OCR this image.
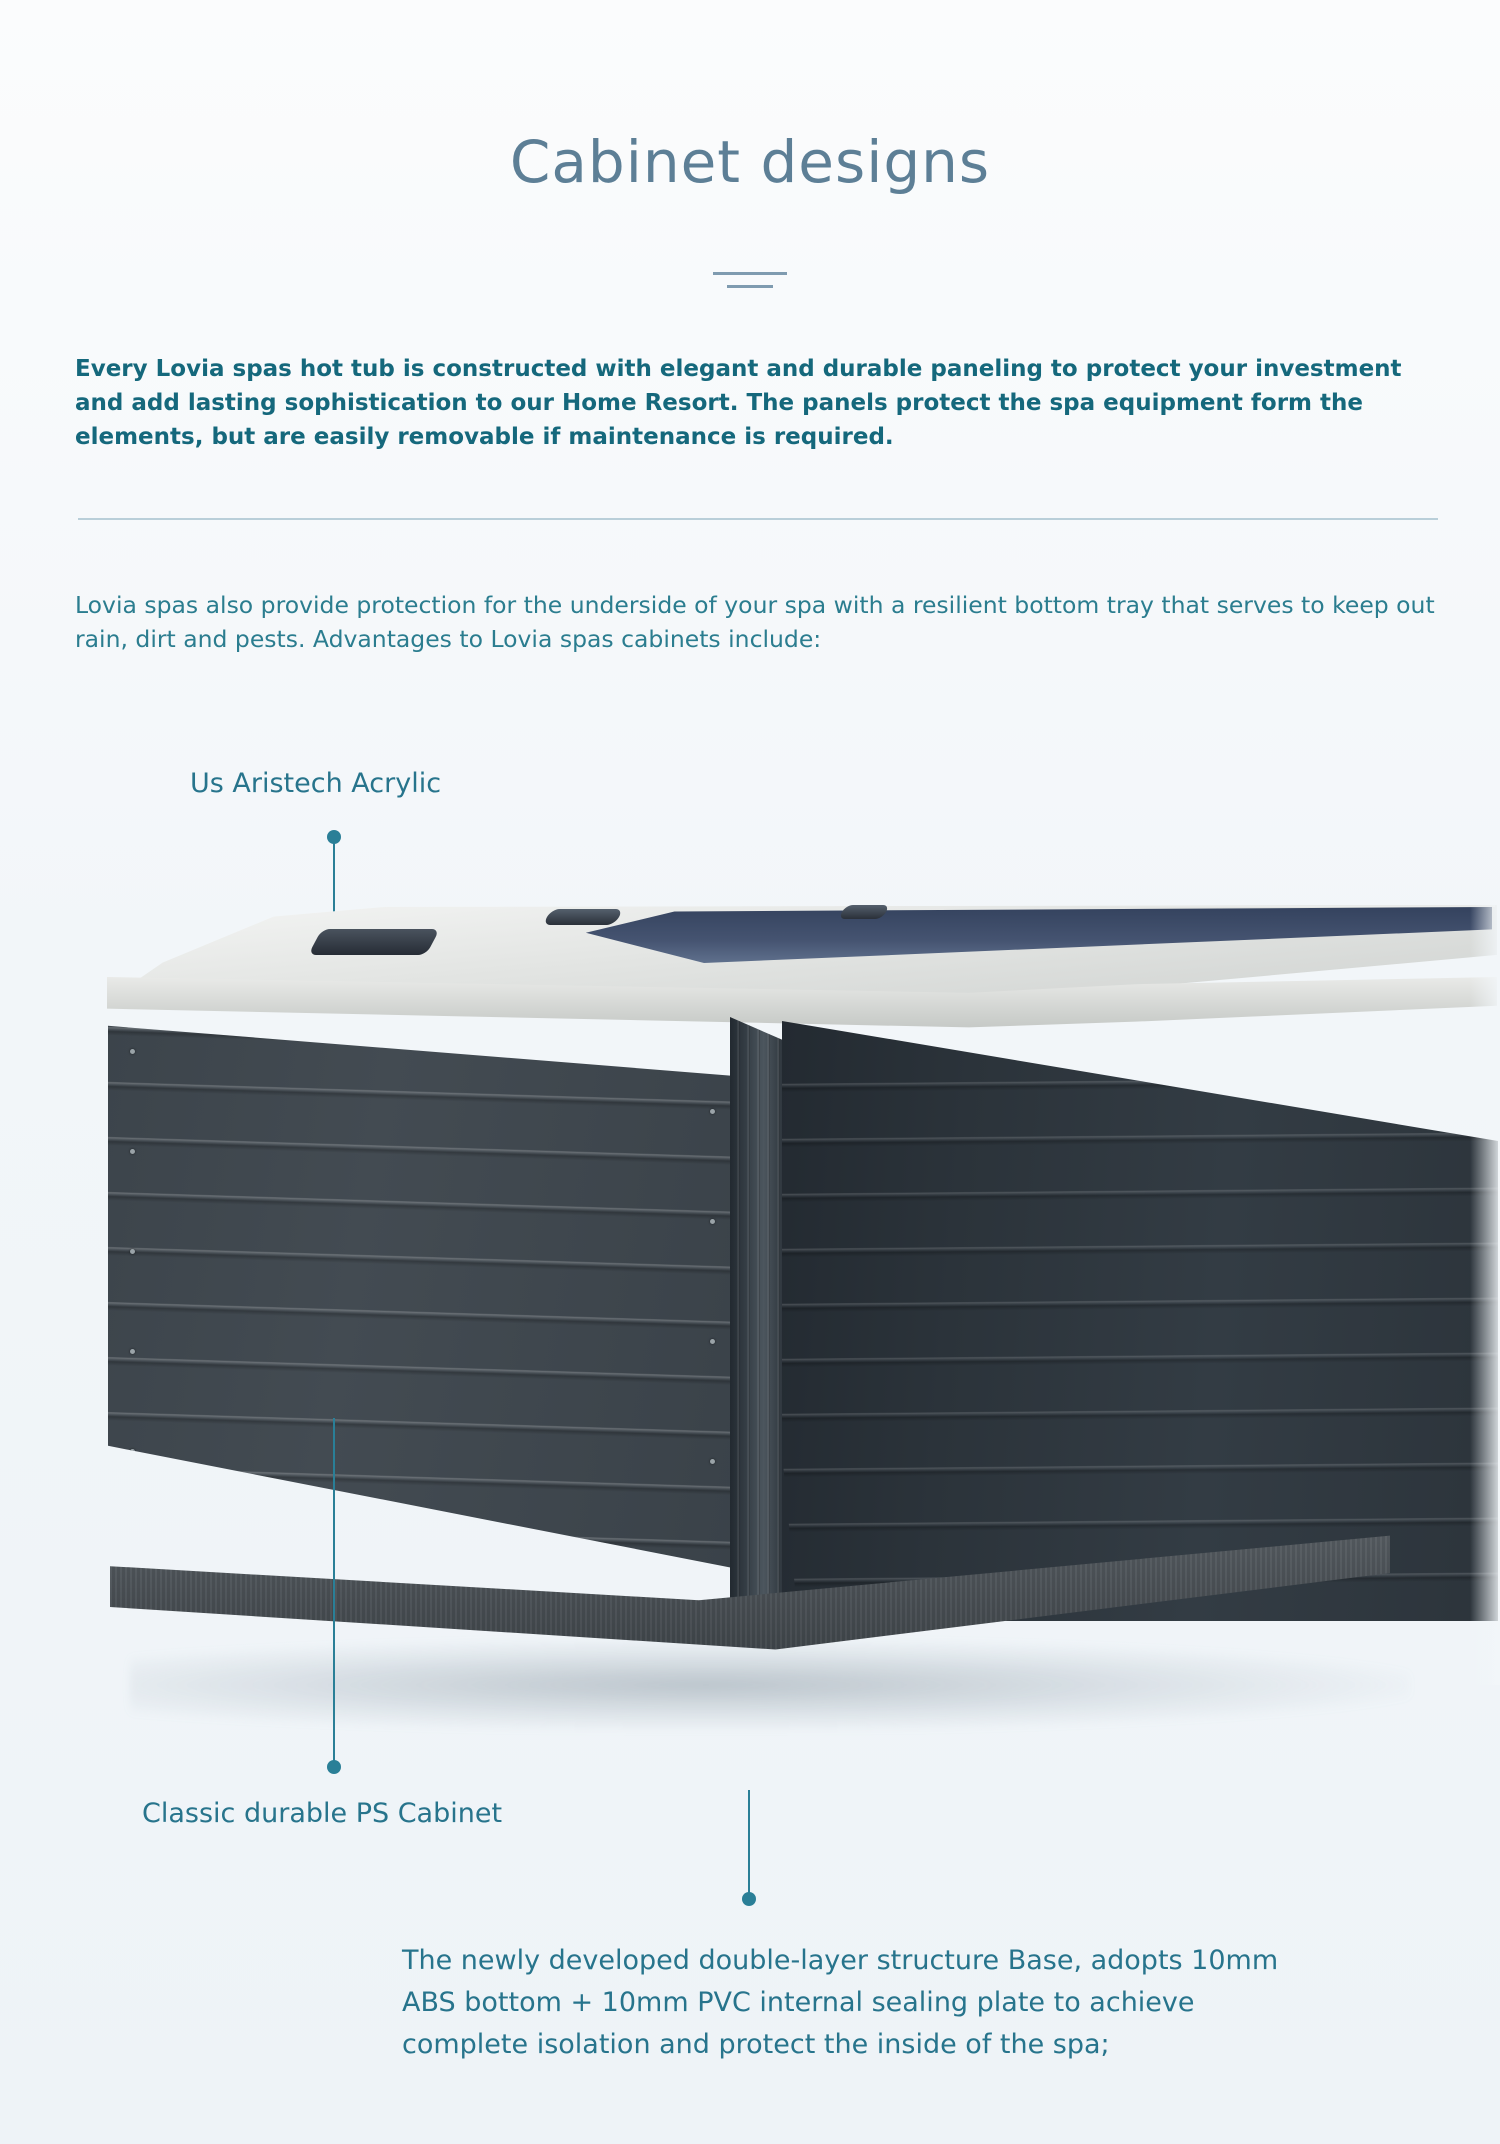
Cabinet designs
Every Lovia spas hot tub is constructed with elegant and durable paneling to protect your investment and add lasting sophistication to our Home Resort. The panels protect the spa equipment form the elements, but are easily removable if maintenance is required.
Lovia spas also provide protection for the underside of your spa with a resilient bottom tray that serves to keep out rain, dirt and pests. Advantages to Lovia spas cabinets include:
Us Aristech Acrylic
Classic durable PS Cabinet
The newly developed double-layer structure Base, adopts 10mm ABS bottom + 10mm PVC internal sealing plate to achieve complete isolation and protect the inside of the spa;
